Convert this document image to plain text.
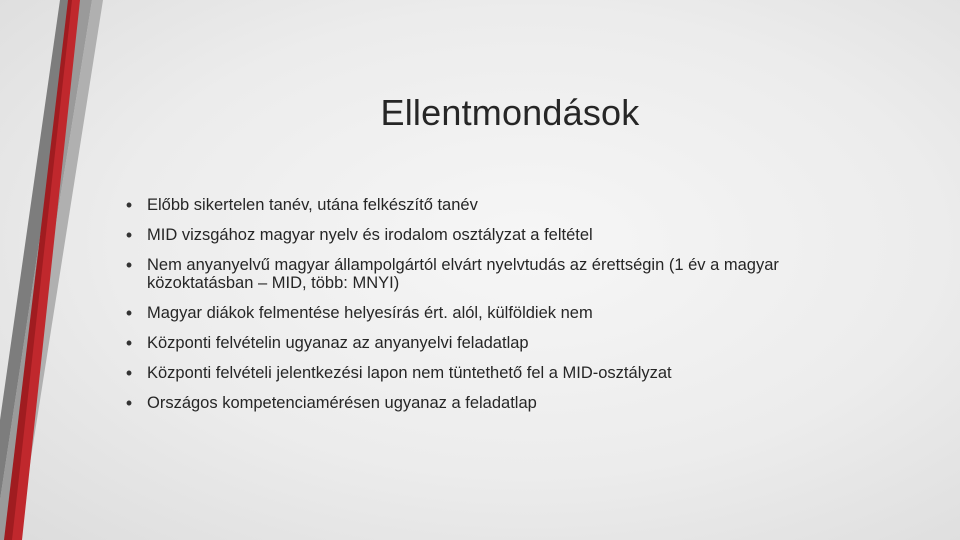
Ellentmondások
• Előbb sikertelen tanév, utána felkészítő tanév
• MID vizsgához magyar nyelv és irodalom osztályzat a feltétel
• Nem anyanyelvű magyar állampolgártól elvárt nyelvtudás az érettségin (1 év a magyar közoktatásban – MID, több: MNYI)
• Magyar diákok felmentése helyesírás ért. alól, külföldiek nem
• Központi felvételin ugyanaz az anyanyelvi feladatlap
• Központi felvételi jelentkezési lapon nem tüntethető fel a MID-osztályzat
• Országos kompetenciamérésen ugyanaz a feladatlap
